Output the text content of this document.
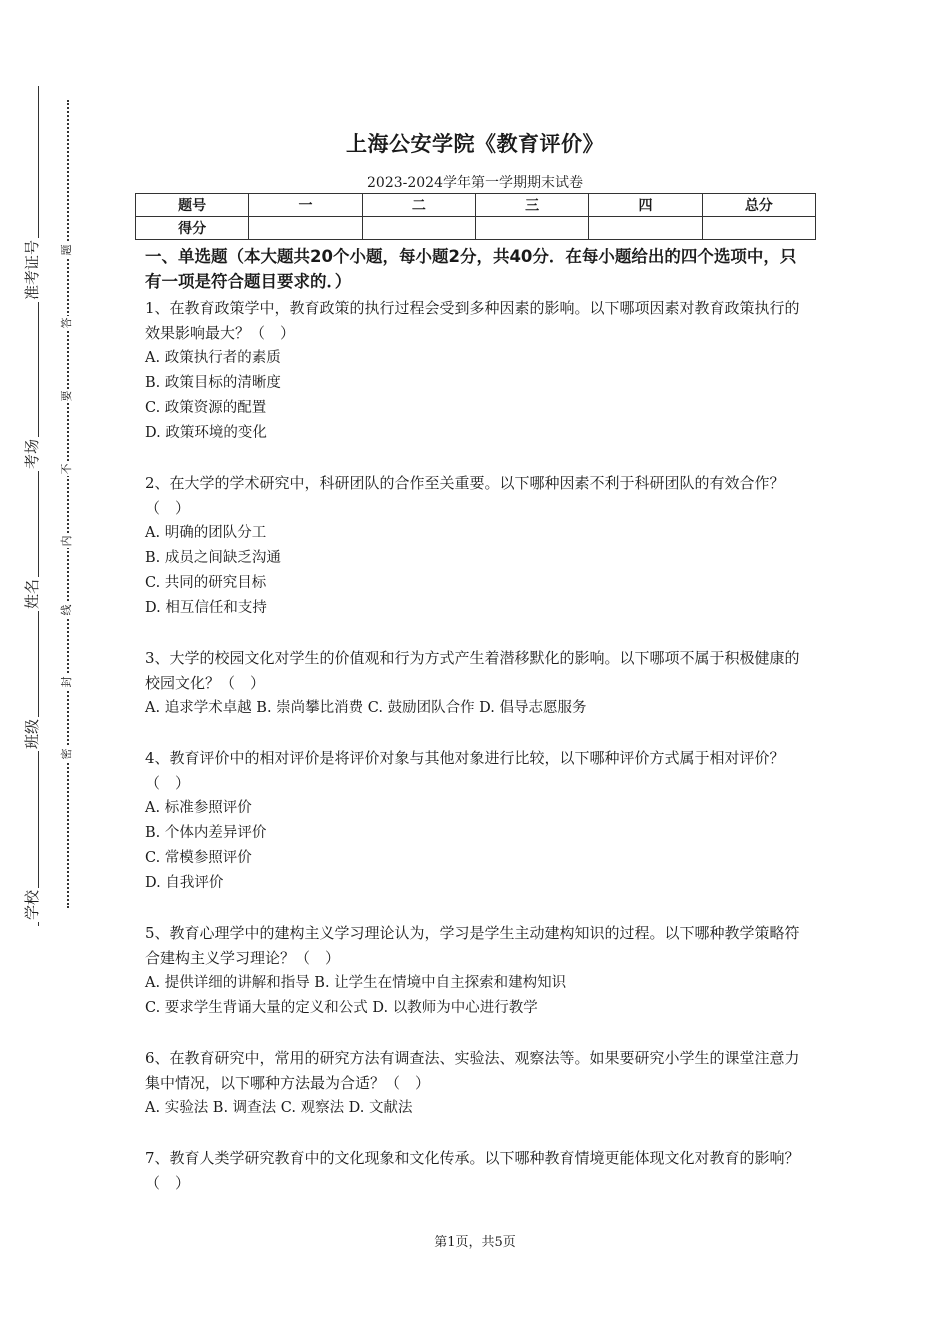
准考证号
考场
姓名
班级
学校
题
答
要
不
内
线
封
密
上海公安学院《教育评价》
2023-2024学年第一学期期末试卷
题号	一	二	三	四	总分
得分					
一、单选题（本大题共20个小题，每小题2分，共40分．在每小题给出的四个选项中，只有一项是符合题目要求的．）
1、在教育政策学中，教育政策的执行过程会受到多种因素的影响。以下哪项因素对教育政策执行的效果影响最大？（　）
A. 政策执行者的素质
B. 政策目标的清晰度
C. 政策资源的配置
D. 政策环境的变化
2、在大学的学术研究中，科研团队的合作至关重要。以下哪种因素不利于科研团队的有效合作？（　）
A. 明确的团队分工
B. 成员之间缺乏沟通
C. 共同的研究目标
D. 相互信任和支持
3、大学的校园文化对学生的价值观和行为方式产生着潜移默化的影响。以下哪项不属于积极健康的校园文化？（　）
A. 追求学术卓越 B. 崇尚攀比消费 C. 鼓励团队合作 D. 倡导志愿服务
4、教育评价中的相对评价是将评价对象与其他对象进行比较，以下哪种评价方式属于相对评价？（　）
A. 标准参照评价
B. 个体内差异评价
C. 常模参照评价
D. 自我评价
5、教育心理学中的建构主义学习理论认为，学习是学生主动建构知识的过程。以下哪种教学策略符合建构主义学习理论？（　）
A. 提供详细的讲解和指导 B. 让学生在情境中自主探索和建构知识
C. 要求学生背诵大量的定义和公式 D. 以教师为中心进行教学
6、在教育研究中，常用的研究方法有调查法、实验法、观察法等。如果要研究小学生的课堂注意力集中情况，以下哪种方法最为合适？（　）
A. 实验法 B. 调查法 C. 观察法 D. 文献法
7、教育人类学研究教育中的文化现象和文化传承。以下哪种教育情境更能体现文化对教育的影响？（　）
第1页，共5页
